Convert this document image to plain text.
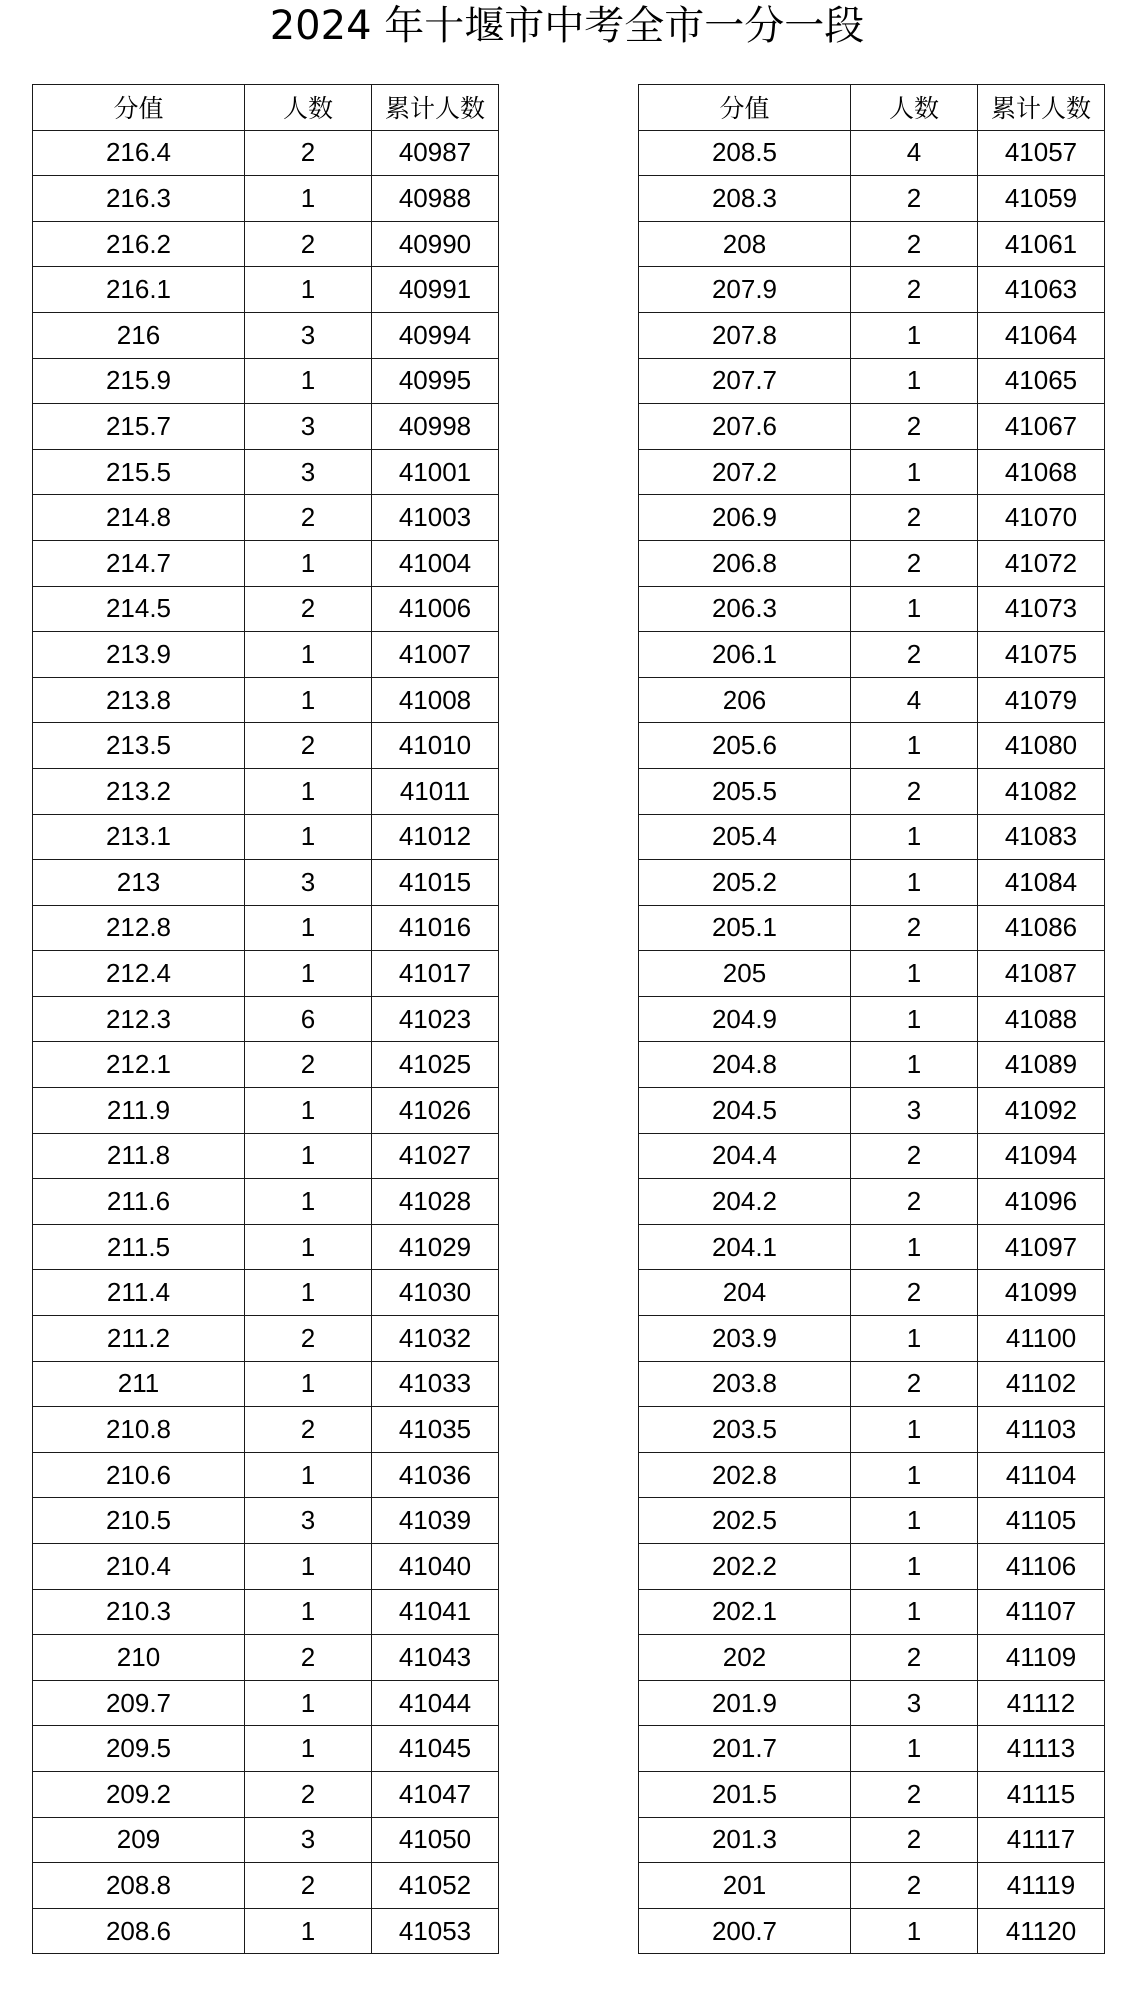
2024 年十堰市中考全市一分一段
分值	人数	累计人数
216.4	2	40987
216.3	1	40988
216.2	2	40990
216.1	1	40991
216	3	40994
215.9	1	40995
215.7	3	40998
215.5	3	41001
214.8	2	41003
214.7	1	41004
214.5	2	41006
213.9	1	41007
213.8	1	41008
213.5	2	41010
213.2	1	41011
213.1	1	41012
213	3	41015
212.8	1	41016
212.4	1	41017
212.3	6	41023
212.1	2	41025
211.9	1	41026
211.8	1	41027
211.6	1	41028
211.5	1	41029
211.4	1	41030
211.2	2	41032
211	1	41033
210.8	2	41035
210.6	1	41036
210.5	3	41039
210.4	1	41040
210.3	1	41041
210	2	41043
209.7	1	41044
209.5	1	41045
209.2	2	41047
209	3	41050
208.8	2	41052
208.6	1	41053
分值	人数	累计人数
208.5	4	41057
208.3	2	41059
208	2	41061
207.9	2	41063
207.8	1	41064
207.7	1	41065
207.6	2	41067
207.2	1	41068
206.9	2	41070
206.8	2	41072
206.3	1	41073
206.1	2	41075
206	4	41079
205.6	1	41080
205.5	2	41082
205.4	1	41083
205.2	1	41084
205.1	2	41086
205	1	41087
204.9	1	41088
204.8	1	41089
204.5	3	41092
204.4	2	41094
204.2	2	41096
204.1	1	41097
204	2	41099
203.9	1	41100
203.8	2	41102
203.5	1	41103
202.8	1	41104
202.5	1	41105
202.2	1	41106
202.1	1	41107
202	2	41109
201.9	3	41112
201.7	1	41113
201.5	2	41115
201.3	2	41117
201	2	41119
200.7	1	41120
